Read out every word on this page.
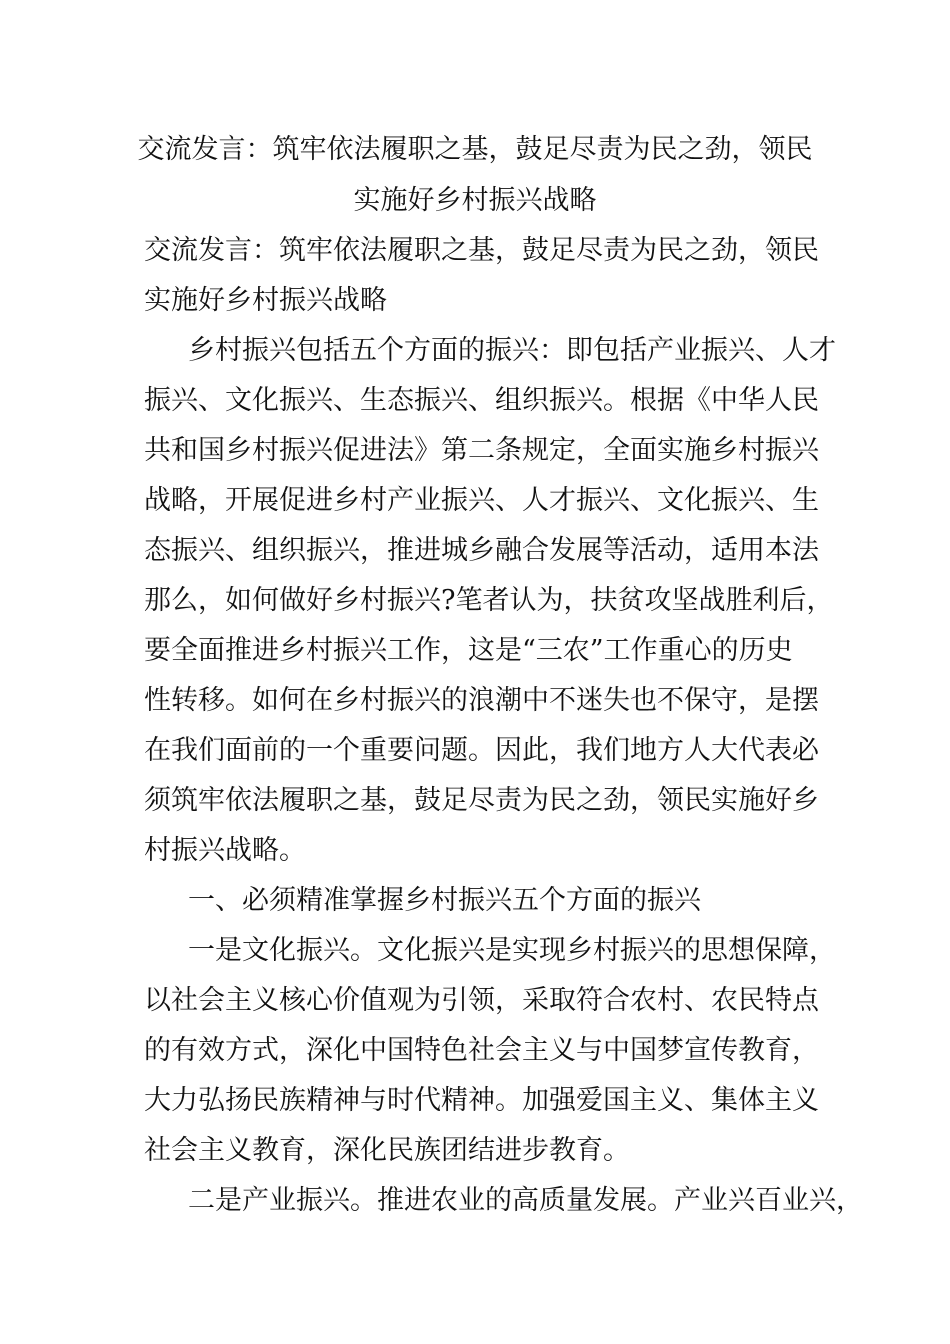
交流发言：筑牢依法履职之基，鼓足尽责为民之劲，领民
实施好乡村振兴战略
交流发言：筑牢依法履职之基，鼓足尽责为民之劲，领民
实施好乡村振兴战略
乡村振兴包括五个方面的振兴：即包括产业振兴、人才
振兴、文化振兴、生态振兴、组织振兴。根据《中华人民
共和国乡村振兴促进法》第二条规定，全面实施乡村振兴
战略，开展促进乡村产业振兴、人才振兴、文化振兴、生
态振兴、组织振兴，推进城乡融合发展等活动，适用本法
那么，如何做好乡村振兴?笔者认为，扶贫攻坚战胜利后，
要全面推进乡村振兴工作，这是“三农”工作重心的历史
性转移。如何在乡村振兴的浪潮中不迷失也不保守，是摆
在我们面前的一个重要问题。因此，我们地方人大代表必
须筑牢依法履职之基，鼓足尽责为民之劲，领民实施好乡
村振兴战略。
一、必须精准掌握乡村振兴五个方面的振兴
一是文化振兴。文化振兴是实现乡村振兴的思想保障，
以社会主义核心价值观为引领，采取符合农村、农民特点
的有效方式，深化中国特色社会主义与中国梦宣传教育，
大力弘扬民族精神与时代精神。加强爱国主义、集体主义
社会主义教育，深化民族团结进步教育。
二是产业振兴。推进农业的高质量发展。产业兴百业兴，
